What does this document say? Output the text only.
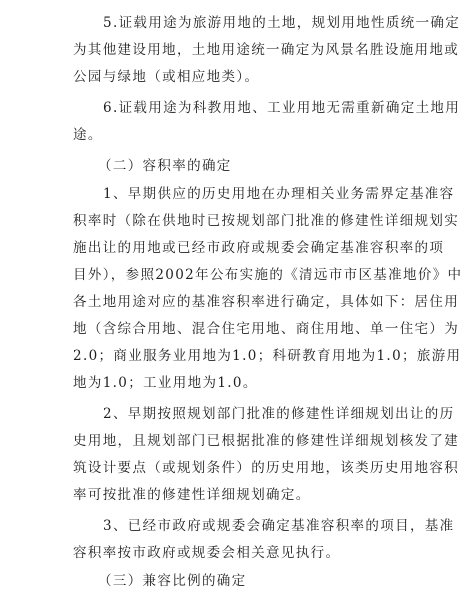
5.证载用途为旅游用地的土地，规划用地性质统一确定
为其他建设用地，土地用途统一确定为风景名胜设施用地或
公园与绿地（或相应地类）。
6.证载用途为科教用地、工业用地无需重新确定土地用
途。
（二）容积率的确定
1、早期供应的历史用地在办理相关业务需界定基准容
积率时（除在供地时已按规划部门批准的修建性详细规划实
施出让的用地或已经市政府或规委会确定基准容积率的项
目外），参照2002年公布实施的《清远市市区基准地价》中
各土地用途对应的基准容积率进行确定，具体如下：居住用
地（含综合用地、混合住宅用地、商住用地、单一住宅）为
2.0；商业服务业用地为1.0；科研教育用地为1.0；旅游用
地为1.0；工业用地为1.0。
2、早期按照规划部门批准的修建性详细规划出让的历
史用地，且规划部门已根据批准的修建性详细规划核发了建
筑设计要点（或规划条件）的历史用地，该类历史用地容积
率可按批准的修建性详细规划确定。
3、已经市政府或规委会确定基准容积率的项目，基准
容积率按市政府或规委会相关意见执行。
（三）兼容比例的确定
